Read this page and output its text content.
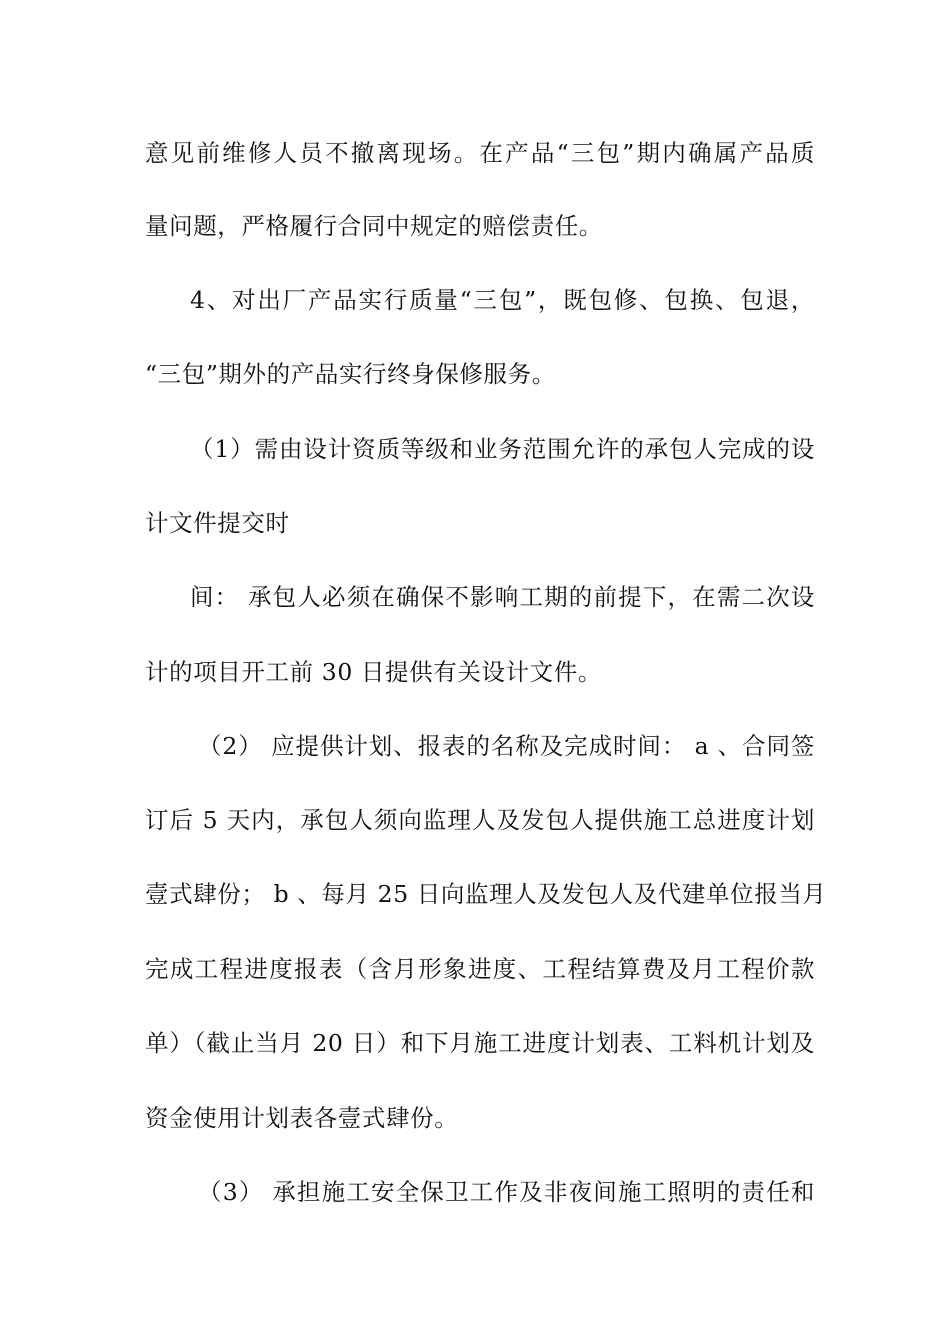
意见前维修人员不撤离现场。在产品“三包”期内确属产品质
量问题，严格履行合同中规定的赔偿责任。
4、对出厂产品实行质量“三包”，既包修、包换、包退，
“三包”期外的产品实行终身保修服务。
（1）需由设计资质等级和业务范围允许的承包人完成的设
计文件提交时
间： 承包人必须在确保不影响工期的前提下，在需二次设
计的项目开工前 30 日提供有关设计文件。
（2） 应提供计划、报表的名称及完成时间： a 、合同签
订后 5 天内，承包人须向监理人及发包人提供施工总进度计划
壹式肆份； b 、每月 25 日向监理人及发包人及代建单位报当月
完成工程进度报表（含月形象进度、工程结算费及月工程价款
单）（截止当月 20 日）和下月施工进度计划表、工料机计划及
资金使用计划表各壹式肆份。
（3） 承担施工安全保卫工作及非夜间施工照明的责任和
